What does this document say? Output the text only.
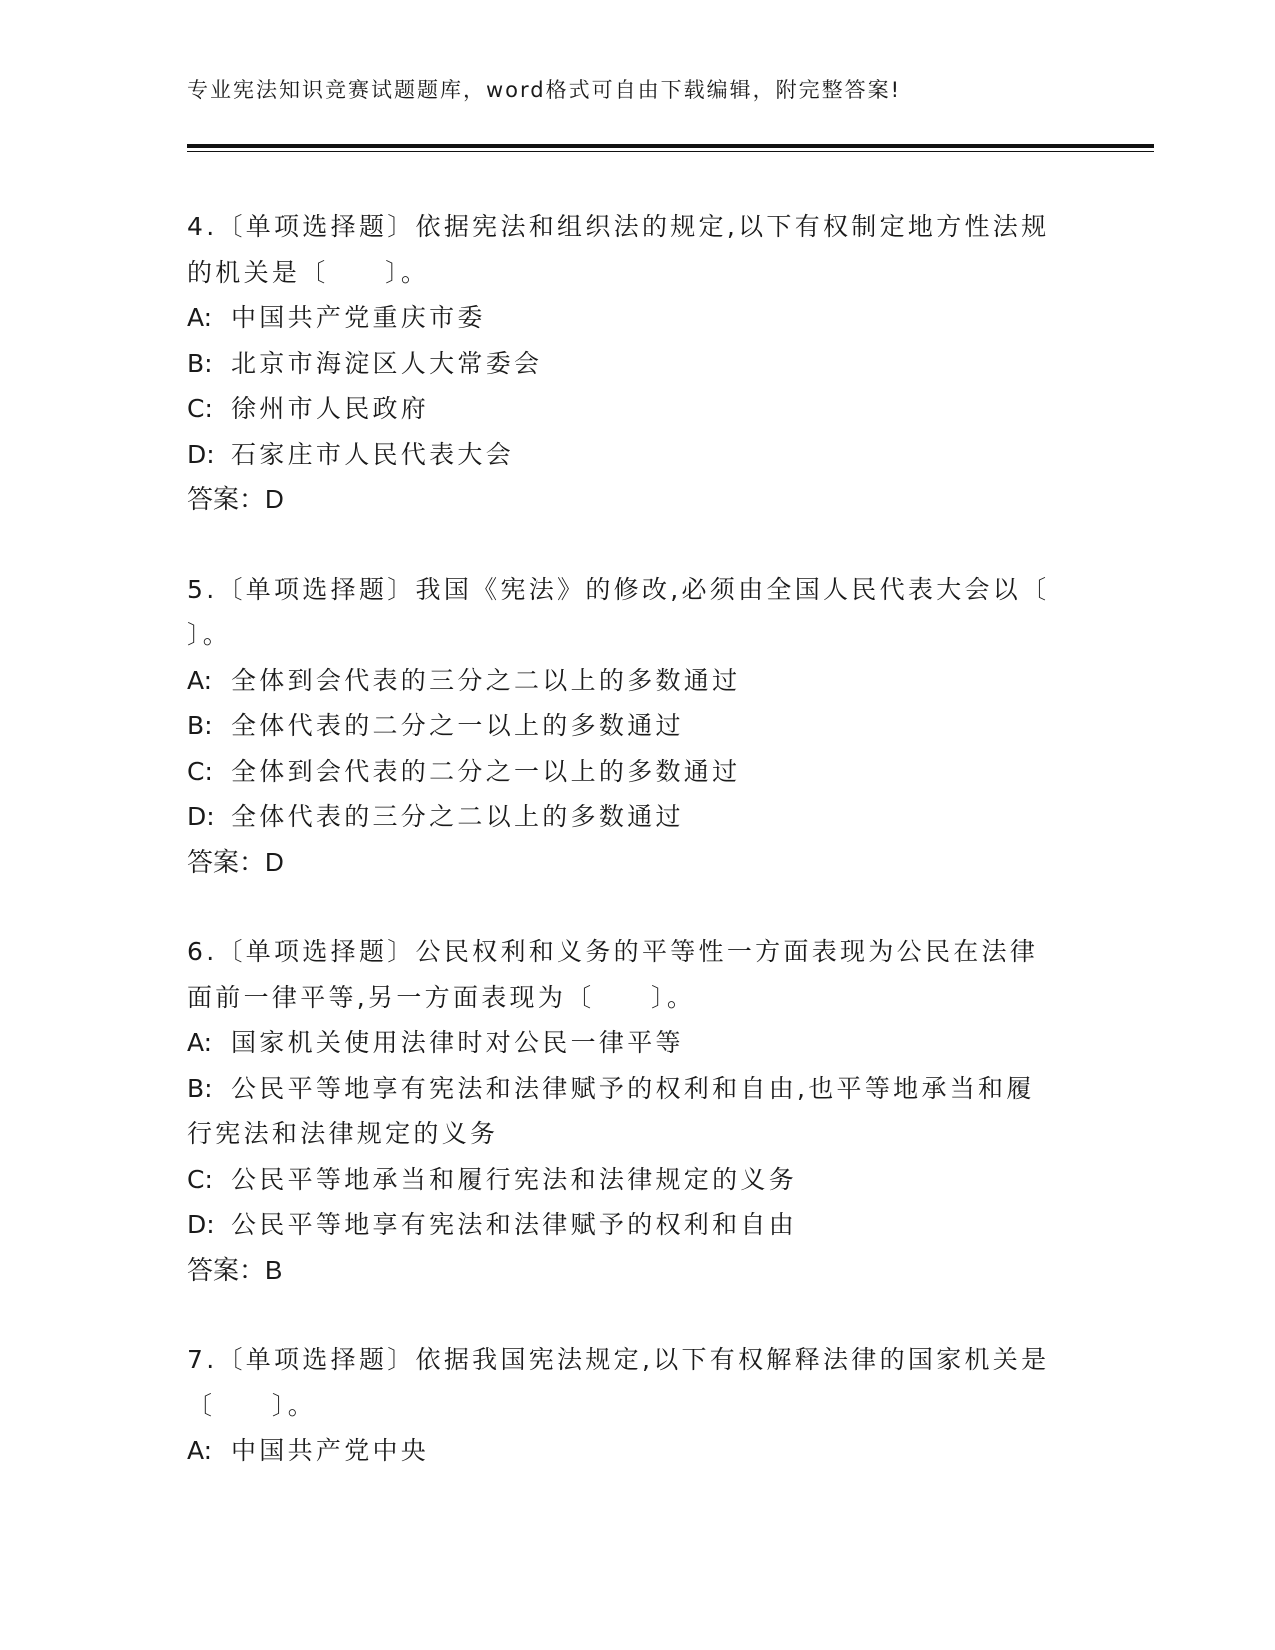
专业宪法知识竞赛试题题库，word格式可自由下载编辑，附完整答案!

4.〔单项选择题〕依据宪法和组织法的规定,以下有权制定地方性法规

的机关是〔　　〕。

A: 中国共产党重庆市委

B: 北京市海淀区人大常委会

C: 徐州市人民政府

D: 石家庄市人民代表大会

答案：D

5.〔单项选择题〕我国《宪法》的修改,必须由全国人民代表大会以〔

〕。

A: 全体到会代表的三分之二以上的多数通过

B: 全体代表的二分之一以上的多数通过

C: 全体到会代表的二分之一以上的多数通过

D: 全体代表的三分之二以上的多数通过

答案：D

6.〔单项选择题〕公民权利和义务的平等性一方面表现为公民在法律

面前一律平等,另一方面表现为〔　　〕。

A: 国家机关使用法律时对公民一律平等

B: 公民平等地享有宪法和法律赋予的权利和自由,也平等地承当和履

行宪法和法律规定的义务

C: 公民平等地承当和履行宪法和法律规定的义务

D: 公民平等地享有宪法和法律赋予的权利和自由

答案：B

7.〔单项选择题〕依据我国宪法规定,以下有权解释法律的国家机关是

〔　　〕。

A: 中国共产党中央
